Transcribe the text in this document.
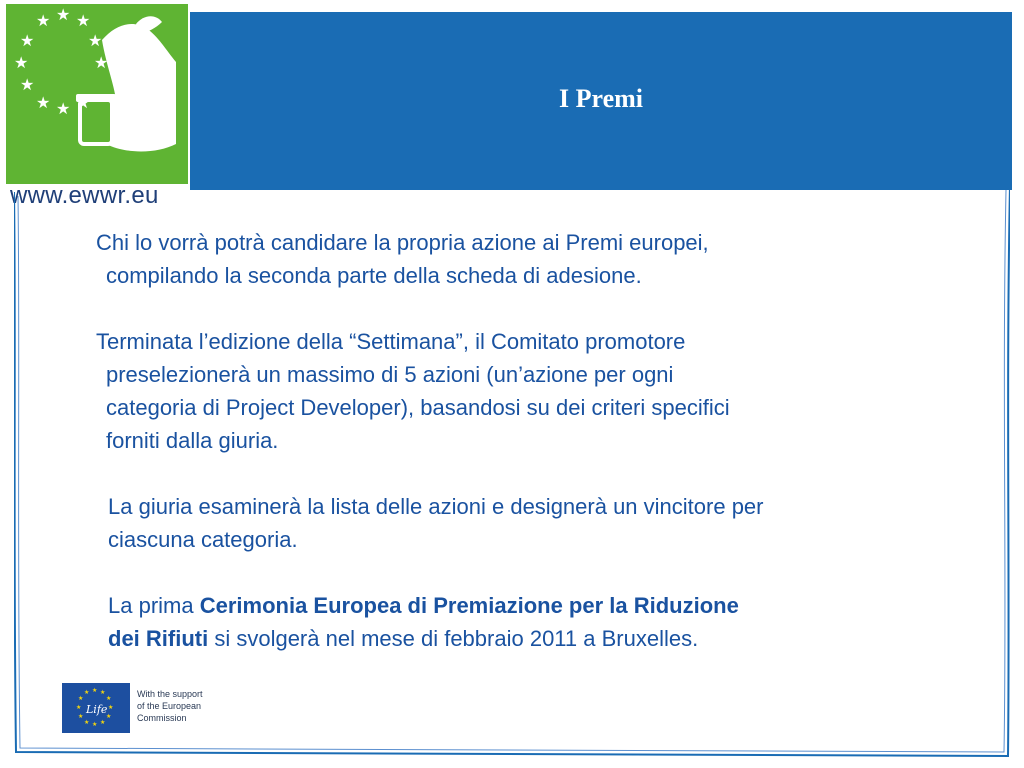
I Premi
★ ★ ★
★	★
★	★
★
★ ★ ★
www.ewwr.eu
Chi lo vorrà potrà candidare la propria azione ai Premi europei,
compilando la seconda parte della scheda di adesione.
Terminata l’edizione della “Settimana”, il Comitato promotore
preselezionerà un massimo di 5 azioni (un’azione per ogni
categoria di Project Developer), basandosi su dei criteri specifici
forniti dalla giuria.
La giuria esaminerà la lista delle azioni e designerà un vincitore per
ciascuna categoria.
La prima Cerimonia Europea di Premiazione per la Riduzione
dei Rifiuti si svolgerà nel mese di febbraio 2011 a Bruxelles.
★ ★
★
★
★
★
★
★
★
★
★
★
Life
With the support
of the European
Commission
